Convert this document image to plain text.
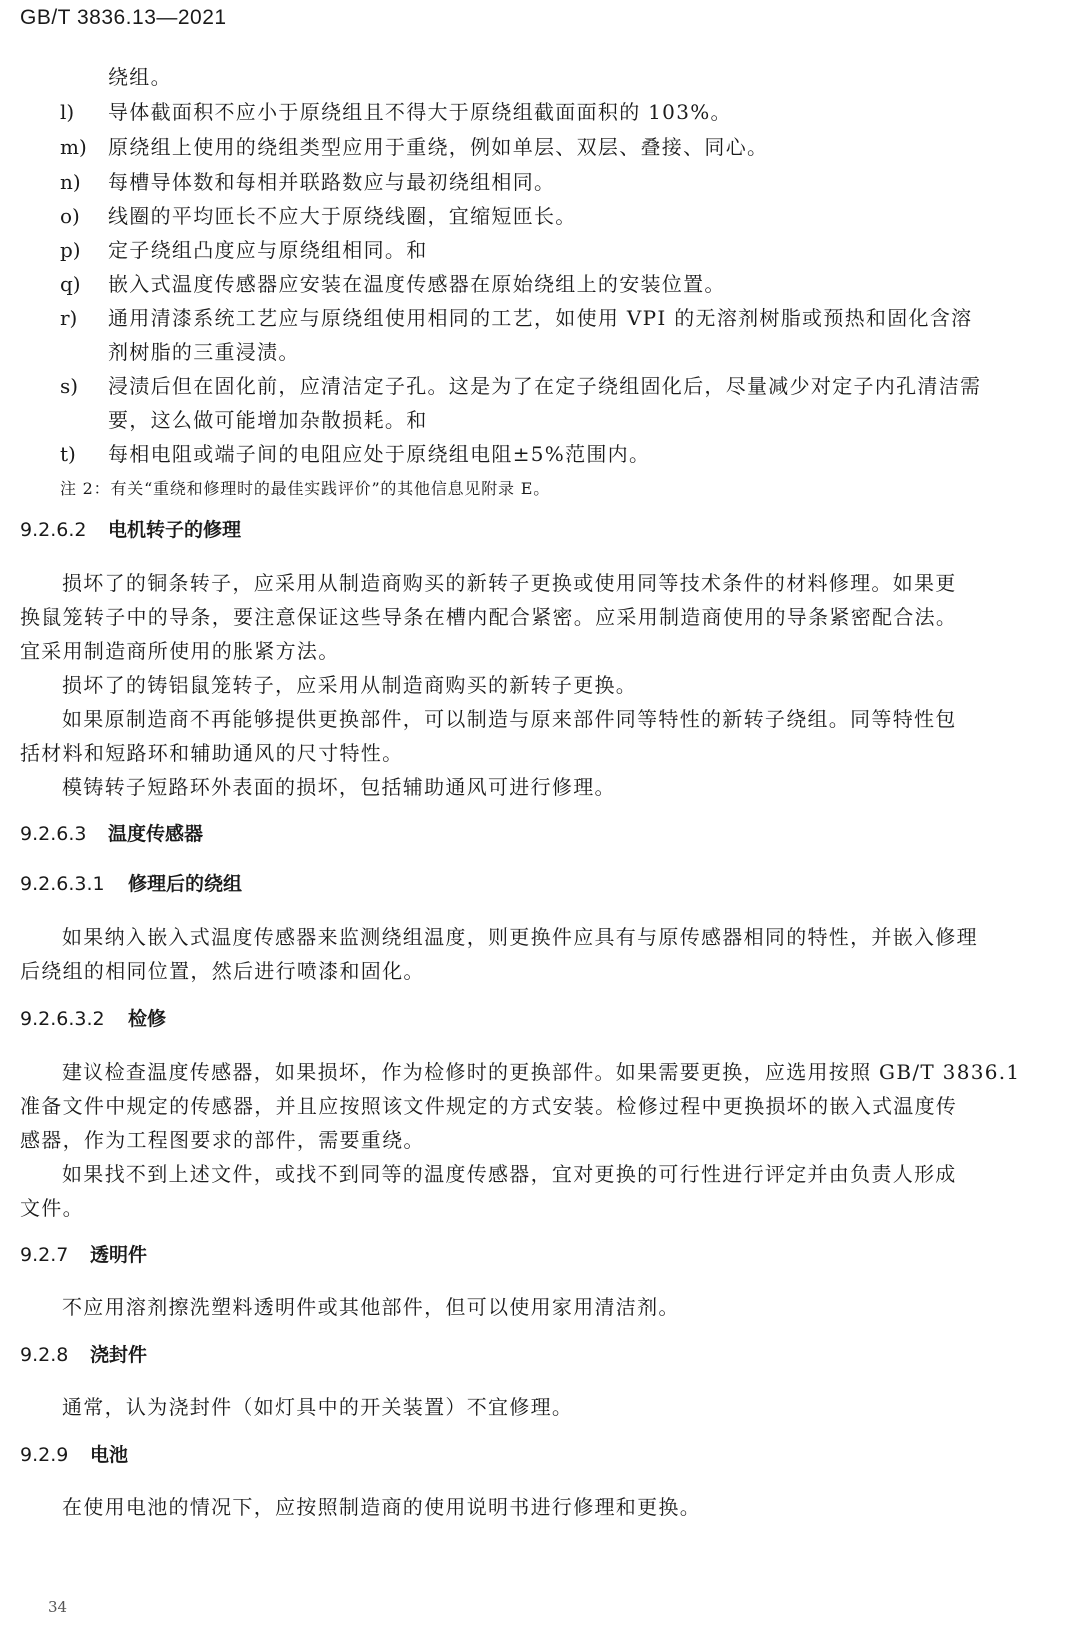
GB/T 3836.13—2021
绕组。
l) 导体截面积不应小于原绕组且不得大于原绕组截面面积的 103%。
m) 原绕组上使用的绕组类型应用于重绕，例如单层、双层、叠接、同心。
n) 每槽导体数和每相并联路数应与最初绕组相同。
o) 线圈的平均匝长不应大于原绕线圈，宜缩短匝长。
p) 定子绕组凸度应与原绕组相同。和
q) 嵌入式温度传感器应安装在温度传感器在原始绕组上的安装位置。
r) 通用清漆系统工艺应与原绕组使用相同的工艺，如使用 VPI 的无溶剂树脂或预热和固化含溶
剂树脂的三重浸渍。
s) 浸渍后但在固化前，应清洁定子孔。这是为了在定子绕组固化后，尽量减少对定子内孔清洁需
要，这么做可能增加杂散损耗。和
t) 每相电阻或端子间的电阻应处于原绕组电阻±5%范围内。
注 2：有关“重绕和修理时的最佳实践评价”的其他信息见附录 E。
9.2.6.2 电机转子的修理
损坏了的铜条转子，应采用从制造商购买的新转子更换或使用同等技术条件的材料修理。如果更
换鼠笼转子中的导条，要注意保证这些导条在槽内配合紧密。应采用制造商使用的导条紧密配合法。
宜采用制造商所使用的胀紧方法。
损坏了的铸铝鼠笼转子，应采用从制造商购买的新转子更换。
如果原制造商不再能够提供更换部件，可以制造与原来部件同等特性的新转子绕组。同等特性包
括材料和短路环和辅助通风的尺寸特性。
模铸转子短路环外表面的损坏，包括辅助通风可进行修理。
9.2.6.3 温度传感器
9.2.6.3.1 修理后的绕组
如果纳入嵌入式温度传感器来监测绕组温度，则更换件应具有与原传感器相同的特性，并嵌入修理
后绕组的相同位置，然后进行喷漆和固化。
9.2.6.3.2 检修
建议检查温度传感器，如果损坏，作为检修时的更换部件。如果需要更换，应选用按照 GB/T 3836.1
准备文件中规定的传感器，并且应按照该文件规定的方式安装。检修过程中更换损坏的嵌入式温度传
感器，作为工程图要求的部件，需要重绕。
如果找不到上述文件，或找不到同等的温度传感器，宜对更换的可行性进行评定并由负责人形成
文件。
9.2.7 透明件
不应用溶剂擦洗塑料透明件或其他部件，但可以使用家用清洁剂。
9.2.8 浇封件
通常，认为浇封件（如灯具中的开关装置）不宜修理。
9.2.9 电池
在使用电池的情况下，应按照制造商的使用说明书进行修理和更换。
34
